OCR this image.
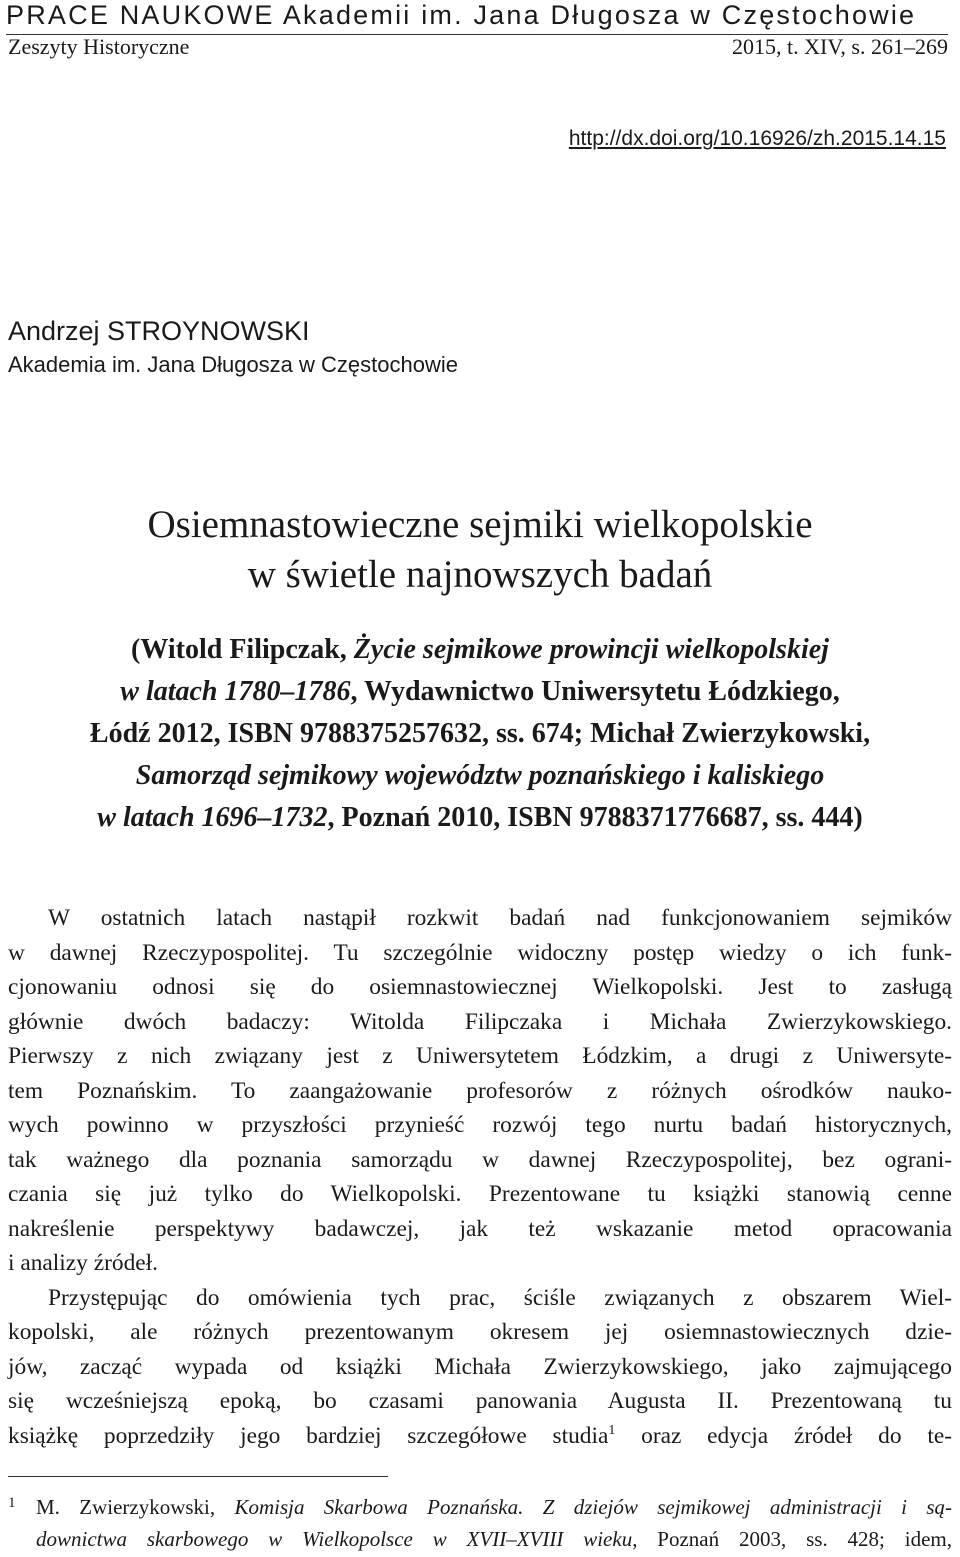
PRACE NAUKOWE Akademii im. Jana Długosza w Częstochowie
Zeszyty Historyczne	2015, t. XIV, s. 261–269
http://dx.doi.org/10.16926/zh.2015.14.15
Andrzej STROYNOWSKI
Akademia im. Jana Długosza w Częstochowie
Osiemnastowieczne sejmiki wielkopolskie
w świetle najnowszych badań
(Witold Filipczak, Życie sejmikowe prowincji wielkopolskiej
w latach 1780–1786, Wydawnictwo Uniwersytetu Łódzkiego,
Łódź 2012, ISBN 9788375257632, ss. 674; Michał Zwierzykowski,
Samorząd sejmikowy województw poznańskiego i kaliskiego
w latach 1696–1732, Poznań 2010, ISBN 9788371776687, ss. 444)
W ostatnich latach nastąpił rozkwit badań nad funkcjonowaniem sejmików
w dawnej Rzeczypospolitej. Tu szczególnie widoczny postęp wiedzy o ich funk-
cjonowaniu odnosi się do osiemnastowiecznej Wielkopolski. Jest to zasługą
głównie dwóch badaczy: Witolda Filipczaka i Michała Zwierzykowskiego.
Pierwszy z nich związany jest z Uniwersytetem Łódzkim, a drugi z Uniwersyte-
tem Poznańskim. To zaangażowanie profesorów z różnych ośrodków nauko-
wych powinno w przyszłości przynieść rozwój tego nurtu badań historycznych,
tak ważnego dla poznania samorządu w dawnej Rzeczypospolitej, bez ograni-
czania się już tylko do Wielkopolski. Prezentowane tu książki stanowią cenne
nakreślenie perspektywy badawczej, jak też wskazanie metod opracowania
i analizy źródeł.
Przystępując do omówienia tych prac, ściśle związanych z obszarem Wiel-
kopolski, ale różnych prezentowanym okresem jej osiemnastowiecznych dzie-
jów, zacząć wypada od książki Michała Zwierzykowskiego, jako zajmującego
się wcześniejszą epoką, bo czasami panowania Augusta II. Prezentowaną tu
książkę poprzedziły jego bardziej szczegółowe studia$^1$ oraz edycja źródeł do te-
1 M. Zwierzykowski, Komisja Skarbowa Poznańska. Z dziejów sejmikowej administracji i są-
downictwa skarbowego w Wielkopolsce w XVII–XVIII wieku, Poznań 2003, ss. 428; idem,
